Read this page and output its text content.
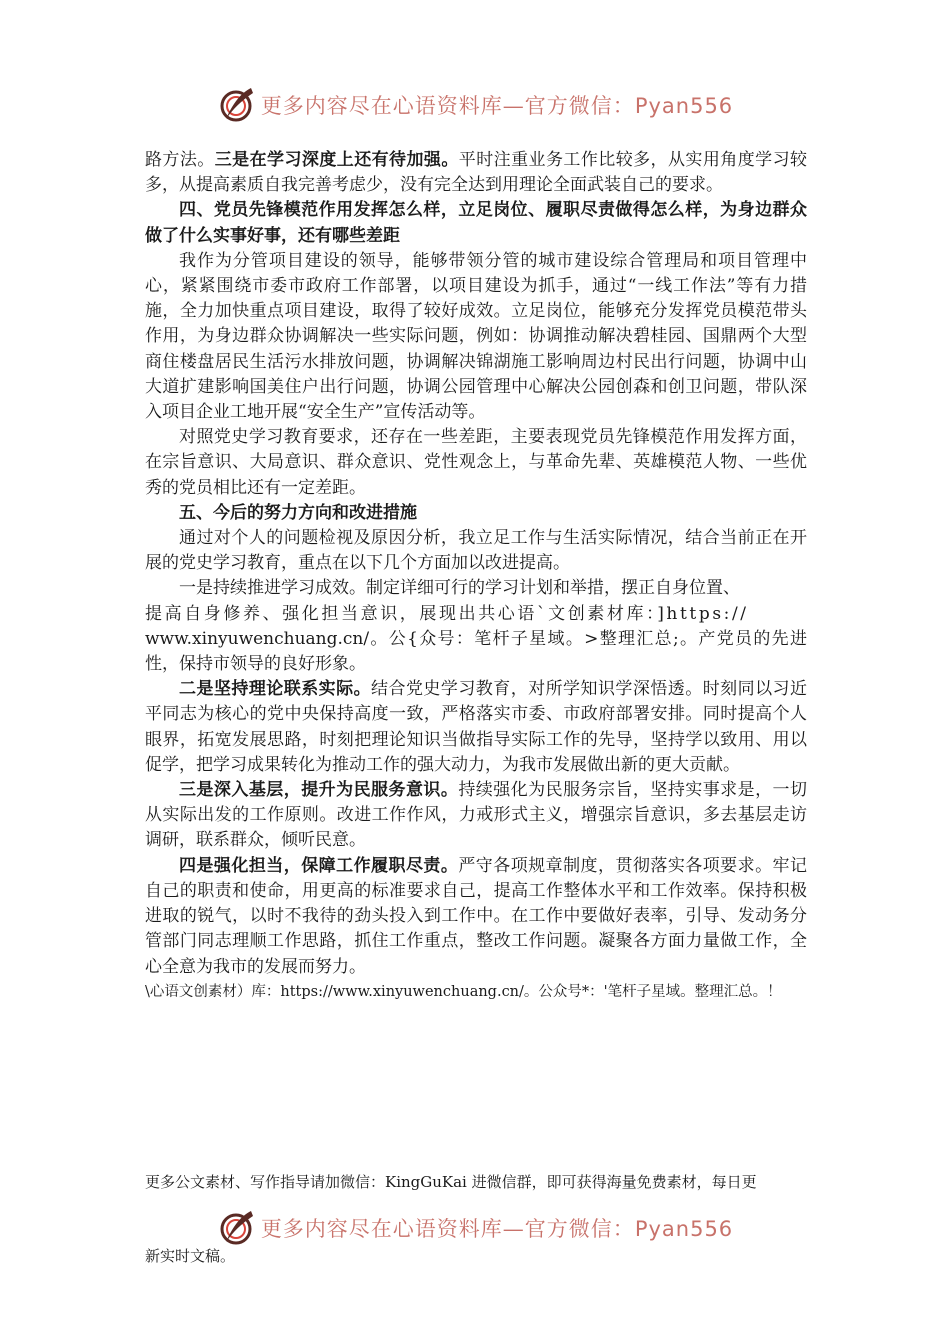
更多内容尽在心语资料库—官方微信：Pyan556

路方法。三是在学习深度上还有待加强。平时注重业务工作比较多，从实用角度学习较多，从提高素质自我完善考虑少，没有完全达到用理论全面武装自己的要求。

四、党员先锋模范作用发挥怎么样，立足岗位、履职尽责做得怎么样，为身边群众做了什么实事好事，还有哪些差距

我作为分管项目建设的领导，能够带领分管的城市建设综合管理局和项目管理中心，紧紧围绕市委市政府工作部署，以项目建设为抓手，通过“一线工作法”等有力措施，全力加快重点项目建设，取得了较好成效。立足岗位，能够充分发挥党员模范带头作用，为身边群众协调解决一些实际问题，例如：协调推动解决碧桂园、国鼎两个大型商住楼盘居民生活污水排放问题，协调解决锦湖施工影响周边村民出行问题，协调中山大道扩建影响国美住户出行问题，协调公园管理中心解决公园创森和创卫问题，带队深入项目企业工地开展“安全生产”宣传活动等。

对照党史学习教育要求，还存在一些差距，主要表现党员先锋模范作用发挥方面，在宗旨意识、大局意识、群众意识、党性观念上，与革命先辈、英雄模范人物、一些优秀的党员相比还有一定差距。

五、今后的努力方向和改进措施

通过对个人的问题检视及原因分析，我立足工作与生活实际情况，结合当前正在开展的党史学习教育，重点在以下几个方面加以改进提高。

一是持续推进学习成效。制定详细可行的学习计划和举措，摆正自身位置、
提高自身修养、强化担当意识，展现出共心语`文创素材库：]https://
www.xinyuwenchuang.cn/。公{众号：笔杆子星域。>整理汇总;。产党员的先进性，保持市领导的良好形象。

二是坚持理论联系实际。结合党史学习教育，对所学知识学深悟透。时刻同以习近平同志为核心的党中央保持高度一致，严格落实市委、市政府部署安排。同时提高个人眼界，拓宽发展思路，时刻把理论知识当做指导实际工作的先导，坚持学以致用、用以促学，把学习成果转化为推动工作的强大动力，为我市发展做出新的更大贡献。

三是深入基层，提升为民服务意识。持续强化为民服务宗旨，坚持实事求是，一切从实际出发的工作原则。改进工作作风，力戒形式主义，增强宗旨意识，多去基层走访调研，联系群众，倾听民意。

四是强化担当，保障工作履职尽责。严守各项规章制度，贯彻落实各项要求。牢记自己的职责和使命，用更高的标准要求自己，提高工作整体水平和工作效率。保持积极进取的锐气，以时不我待的劲头投入到工作中。在工作中要做好表率，引导、发动务分管部门同志理顺工作思路，抓住工作重点，整改工作问题。凝聚各方面力量做工作，全心全意为我市的发展而努力。

\心语文创素材）库：https://www.xinyuwenchuang.cn/。公众号*：'笔杆子星域。整理汇总。！

更多公文素材、写作指导请加微信：KingGuKai 进微信群，即可获得海量免费素材，每日更
更多内容尽在心语资料库—官方微信：Pyan556
新实时文稿。
